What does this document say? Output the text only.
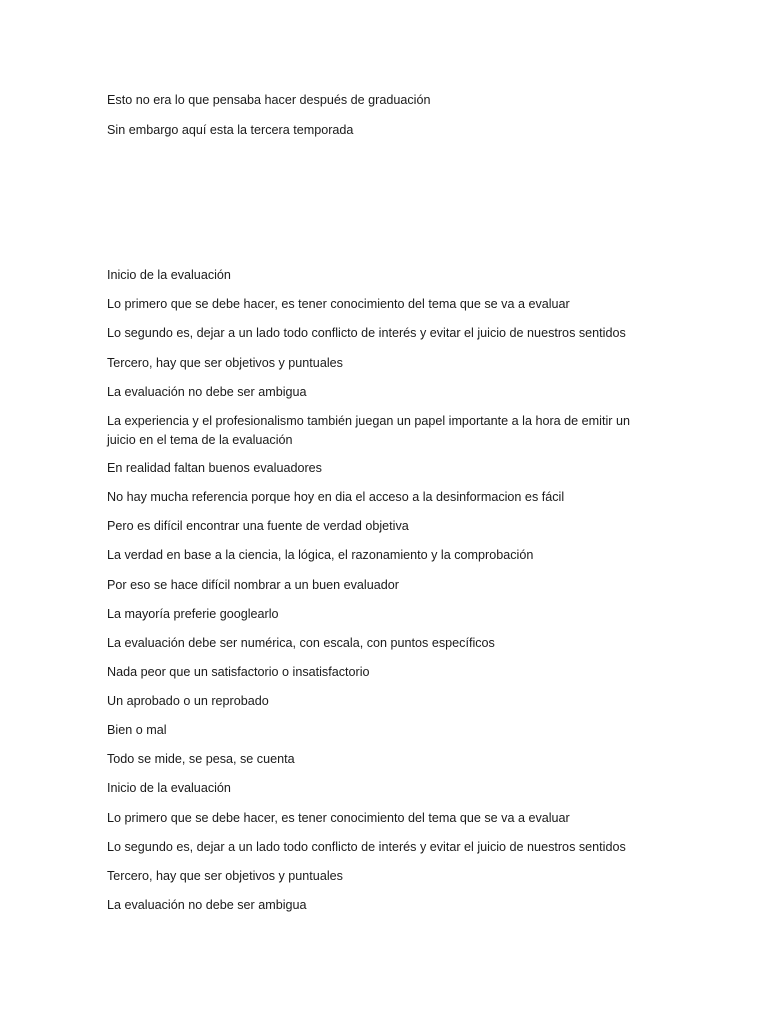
Esto no era lo que pensaba hacer después de graduación

Sin embargo aquí esta la tercera temporada

Inicio de la evaluación

Lo primero que se debe hacer, es tener conocimiento del tema que se va a evaluar

Lo segundo es, dejar a un lado todo conflicto de interés y evitar el juicio de nuestros sentidos

Tercero, hay que ser objetivos y puntuales

La evaluación no debe ser ambigua

La experiencia y el profesionalismo también juegan un papel importante a la hora de emitir un juicio en el tema de la evaluación

En realidad faltan buenos evaluadores

No hay mucha referencia porque hoy en dia el acceso a la desinformacion es fácil

Pero es difícil encontrar una fuente de verdad objetiva

La verdad en base a la ciencia, la lógica, el razonamiento y la comprobación

Por eso se hace difícil nombrar a un buen evaluador

La mayoría preferie googlearlo

La evaluación debe ser numérica, con escala, con puntos específicos

Nada peor que un satisfactorio o insatisfactorio

Un aprobado o un reprobado

Bien o mal

Todo se mide, se pesa, se cuenta

Inicio de la evaluación

Lo primero que se debe hacer, es tener conocimiento del tema que se va a evaluar

Lo segundo es, dejar a un lado todo conflicto de interés y evitar el juicio de nuestros sentidos

Tercero, hay que ser objetivos y puntuales

La evaluación no debe ser ambigua
